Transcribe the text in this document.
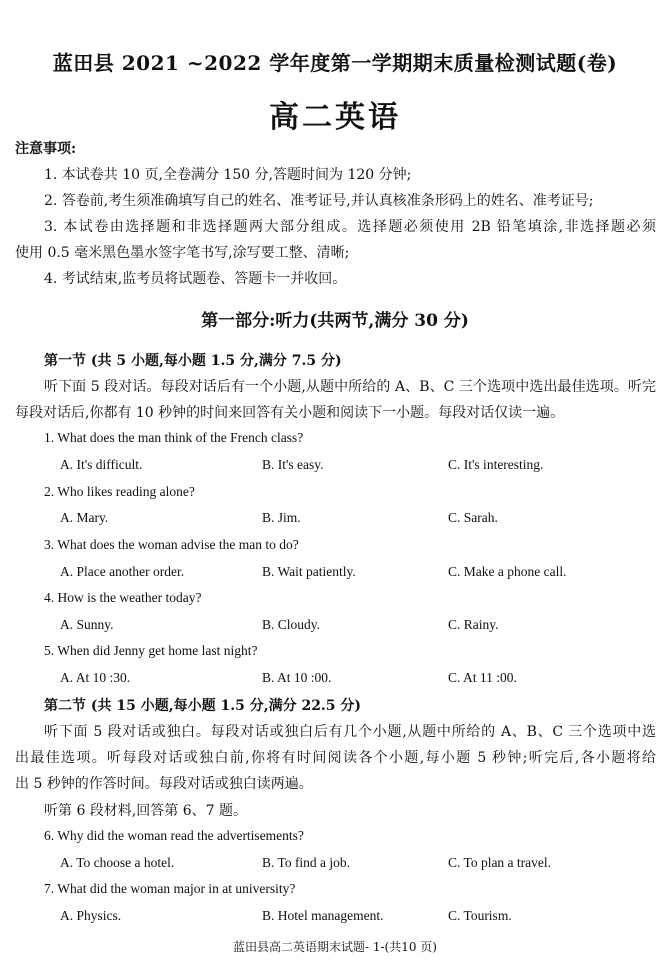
蓝田县 2021 ~2022 学年度第一学期期末质量检测试题(卷)
高二英语
注意事项:
1. 本试卷共 10 页,全卷满分 150 分,答题时间为 120 分钟;
2. 答卷前,考生须准确填写自己的姓名、准考证号,并认真核准条形码上的姓名、准考证号;
3. 本试卷由选择题和非选择题两大部分组成。选择题必须使用 2B 铅笔填涂,非选择题必须
使用 0.5 毫米黑色墨水签字笔书写,涂写要工整、清晰;
4. 考试结束,监考员将试题卷、答题卡一并收回。
第一部分:听力(共两节,满分 30 分)
第一节 (共 5 小题,每小题 1.5 分,满分 7.5 分)
听下面 5 段对话。每段对话后有一个小题,从题中所给的 A、B、C 三个选项中选出最佳选项。听完
每段对话后,你都有 10 秒钟的时间来回答有关小题和阅读下一小题。每段对话仅读一遍。
1. What does the man think of the French class?
A. It's difficult.	B. It's easy.	C. It's interesting.
2. Who likes reading alone?
A. Mary.	B. Jim.	C. Sarah.
3. What does the woman advise the man to do?
A. Place another order.	B. Wait patiently.	C. Make a phone call.
4. How is the weather today?
A. Sunny.	B. Cloudy.	C. Rainy.
5. When did Jenny get home last night?
A. At 10 :30.	B. At 10 :00.	C. At 11 :00.
第二节 (共 15 小题,每小题 1.5 分,满分 22.5 分)
听下面 5 段对话或独白。每段对话或独白后有几个小题,从题中所给的 A、B、C 三个选项中选
出最佳选项。听每段对话或独白前,你将有时间阅读各个小题,每小题 5 秒钟;听完后,各小题将给
出 5 秒钟的作答时间。每段对话或独白读两遍。
听第 6 段材料,回答第 6、7 题。
6. Why did the woman read the advertisements?
A. To choose a hotel.	B. To find a job.	C. To plan a travel.
7. What did the woman major in at university?
A. Physics.	B. Hotel management.	C. Tourism.
蓝田县高二英语期末试题- 1-(共10 页)
